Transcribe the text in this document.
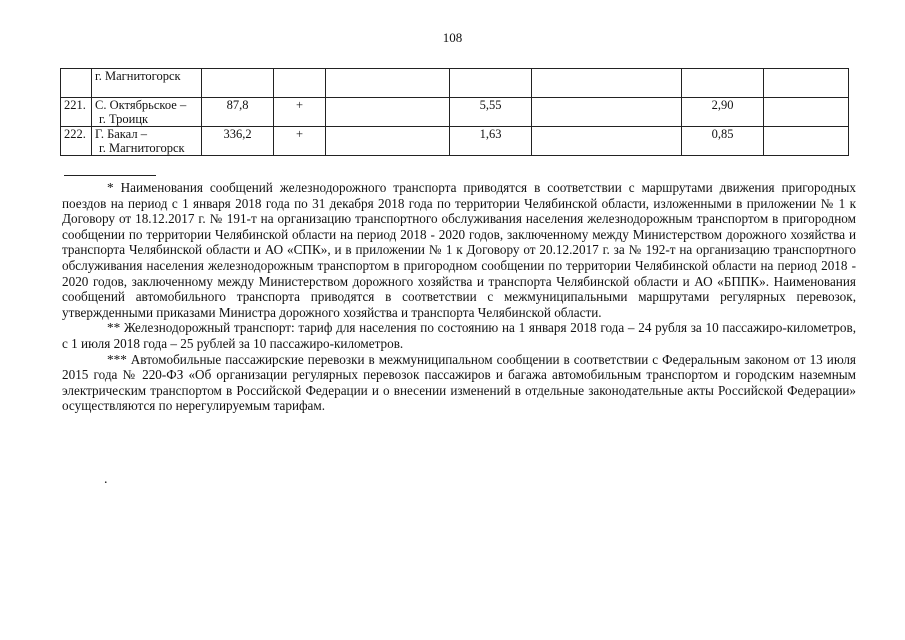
108

	г. Магнитогорск							

221.	С. Октябрьское –
г. Троицк	87,8	+		5,55		2,90	
222.	Г. Бакал –
г. Магнитогорск	336,2	+		1,63		0,85	

* Наименования сообщений железнодорожного транспорта приводятся в соответствии с маршрутами движения пригородных поездов на период с 1 января 2018 года по 31 декабря 2018 года по территории Челябинской области, изложенными в приложении № 1 к Договору от 18.12.2017 г. № 191-т на организацию транспортного обслуживания населения железнодорожным транспортом в пригородном сообщении по территории Челябинской области на период 2018 - 2020 годов, заключенному между Министерством дорожного хозяйства и транспорта Челябинской области и АО «СПК», и в приложении № 1 к Договору от 20.12.2017 г. за № 192-т на организацию транспортного обслуживания населения железнодорожным транспортом в пригородном сообщении по территории Челябинской области на период 2018 - 2020 годов, заключенному между Министерством дорожного хозяйства и транспорта Челябинской области и АО «БППК». Наименования сообщений автомобильного транспорта приводятся в соответствии с межмуниципальными маршрутами регулярных перевозок, утвержденными приказами Министра дорожного хозяйства и транспорта Челябинской области.

** Железнодорожный транспорт: тариф для населения по состоянию на 1 января 2018 года – 24 рубля за 10 пассажиро-километров, с 1 июля 2018 года – 25 рублей за 10 пассажиро-километров.

*** Автомобильные пассажирские перевозки в межмуниципальном сообщении в соответствии с Федеральным законом от 13 июля 2015 года № 220-ФЗ «Об организации регулярных перевозок пассажиров и багажа автомобильным транспортом и городским наземным электрическим транспортом в Российской Федерации и о внесении изменений в отдельные законодательные акты Российской Федерации» осуществляются по нерегулируемым тарифам.

.
